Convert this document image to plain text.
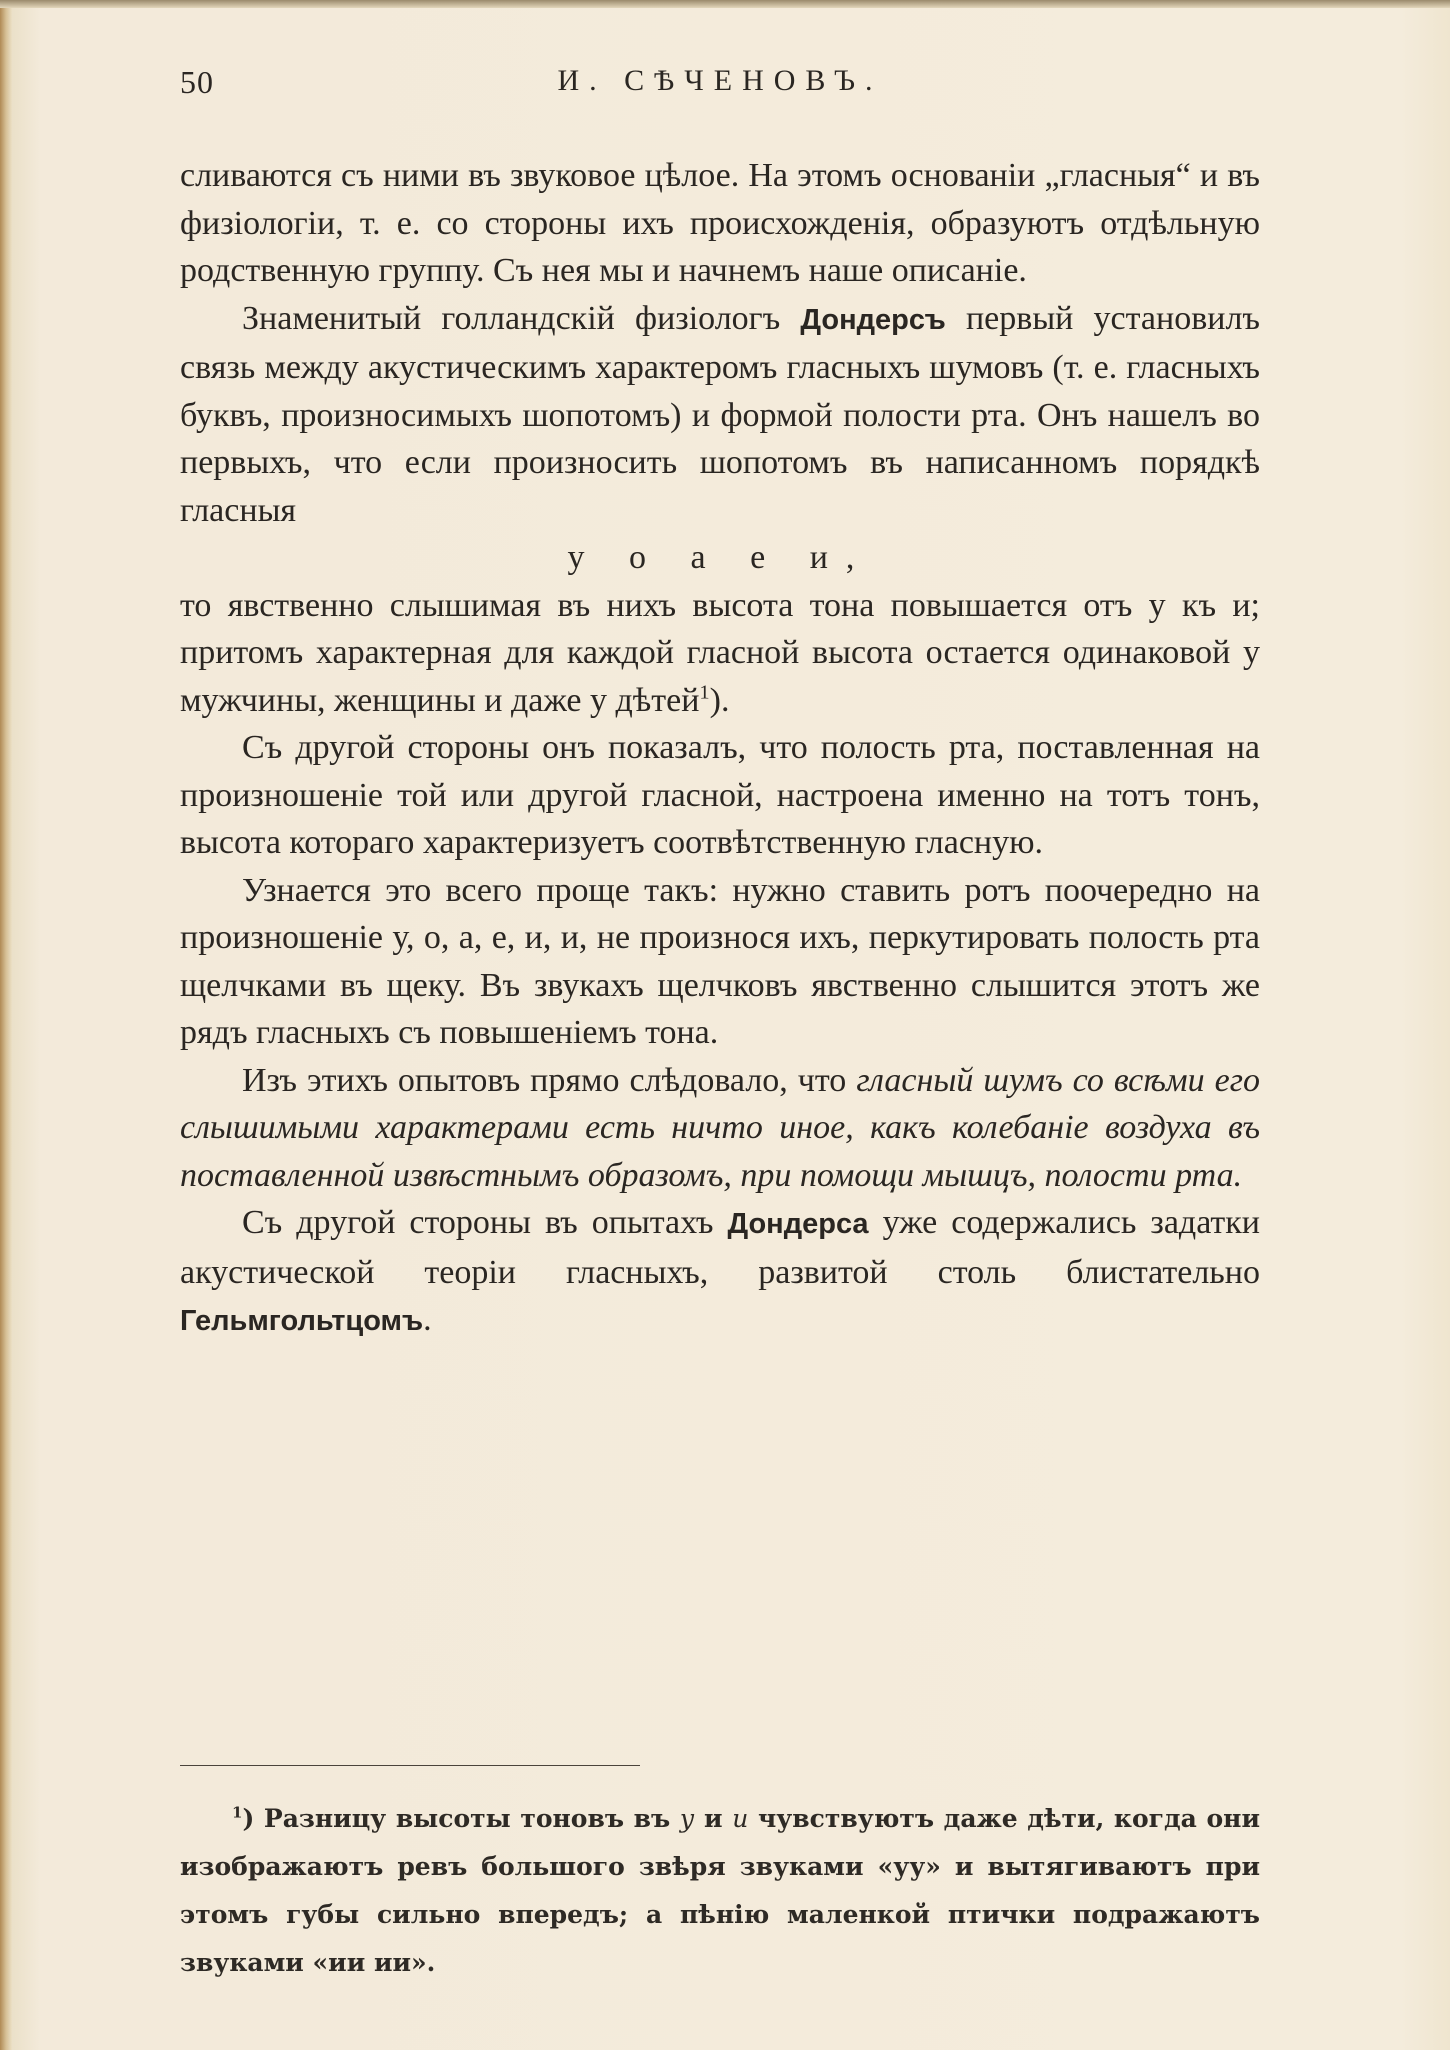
50	И. СѢЧЕНОВЪ.

сливаются съ ними въ звуковое цѣлое. На этомъ основанiи „гласныя“ и въ физiологiи, т. е. со стороны ихъ происхожденiя, образуютъ отдѣльную родственную группу. Съ нея мы и начнемъ наше описанiе.

Знаменитый голландскiй физiологъ Дондерсъ первый установилъ связь между акустическимъ характеромъ гласныхъ шумовъ (т. е. гласныхъ буквъ, произносимыхъ шопотомъ) и формой полости рта. Онъ нашелъ во первыхъ, что если произносить шопотомъ въ написанномъ порядкѣ гласныя

у о а е и,

то явственно слышимая въ нихъ высота тона повышается отъ у къ и; притомъ характерная для каждой гласной высота остается одинаковой у мужчины, женщины и даже у дѣтей$^1$).

Съ другой стороны онъ показалъ, что полость рта, поставленная на произношенiе той или другой гласной, настроена именно на тотъ тонъ, высота котораго характеризуетъ соотвѣтственную гласную.

Узнается это всего проще такъ: нужно ставить ротъ поочередно на произношенiе у, о, а, е, и, и, не произнося ихъ, перкутировать полость рта щелчками въ щеку. Въ звукахъ щелчковъ явственно слышится этотъ же рядъ гласныхъ съ повышенiемъ тона.

Изъ этихъ опытовъ прямо слѣдовало, что гласный шумъ со всѣми его слышимыми характерами есть ничто иное, какъ колебанiе воздуха въ поставленной извѣстнымъ образомъ, при помощи мышцъ, полости рта.

Съ другой стороны въ опытахъ Дондерса уже содержались задатки акустической теорiи гласныхъ, развитой столь блистательно Гельмгольтцомъ.

$^1$) Разницу высоты тоновъ въ у и и чувствуютъ даже дѣти, когда они изображаютъ ревъ большого звѣря звуками «уу» и вытягиваютъ при этомъ губы сильно впередъ; а пѣнiю маленкой птички подражаютъ звуками «ии ии».
